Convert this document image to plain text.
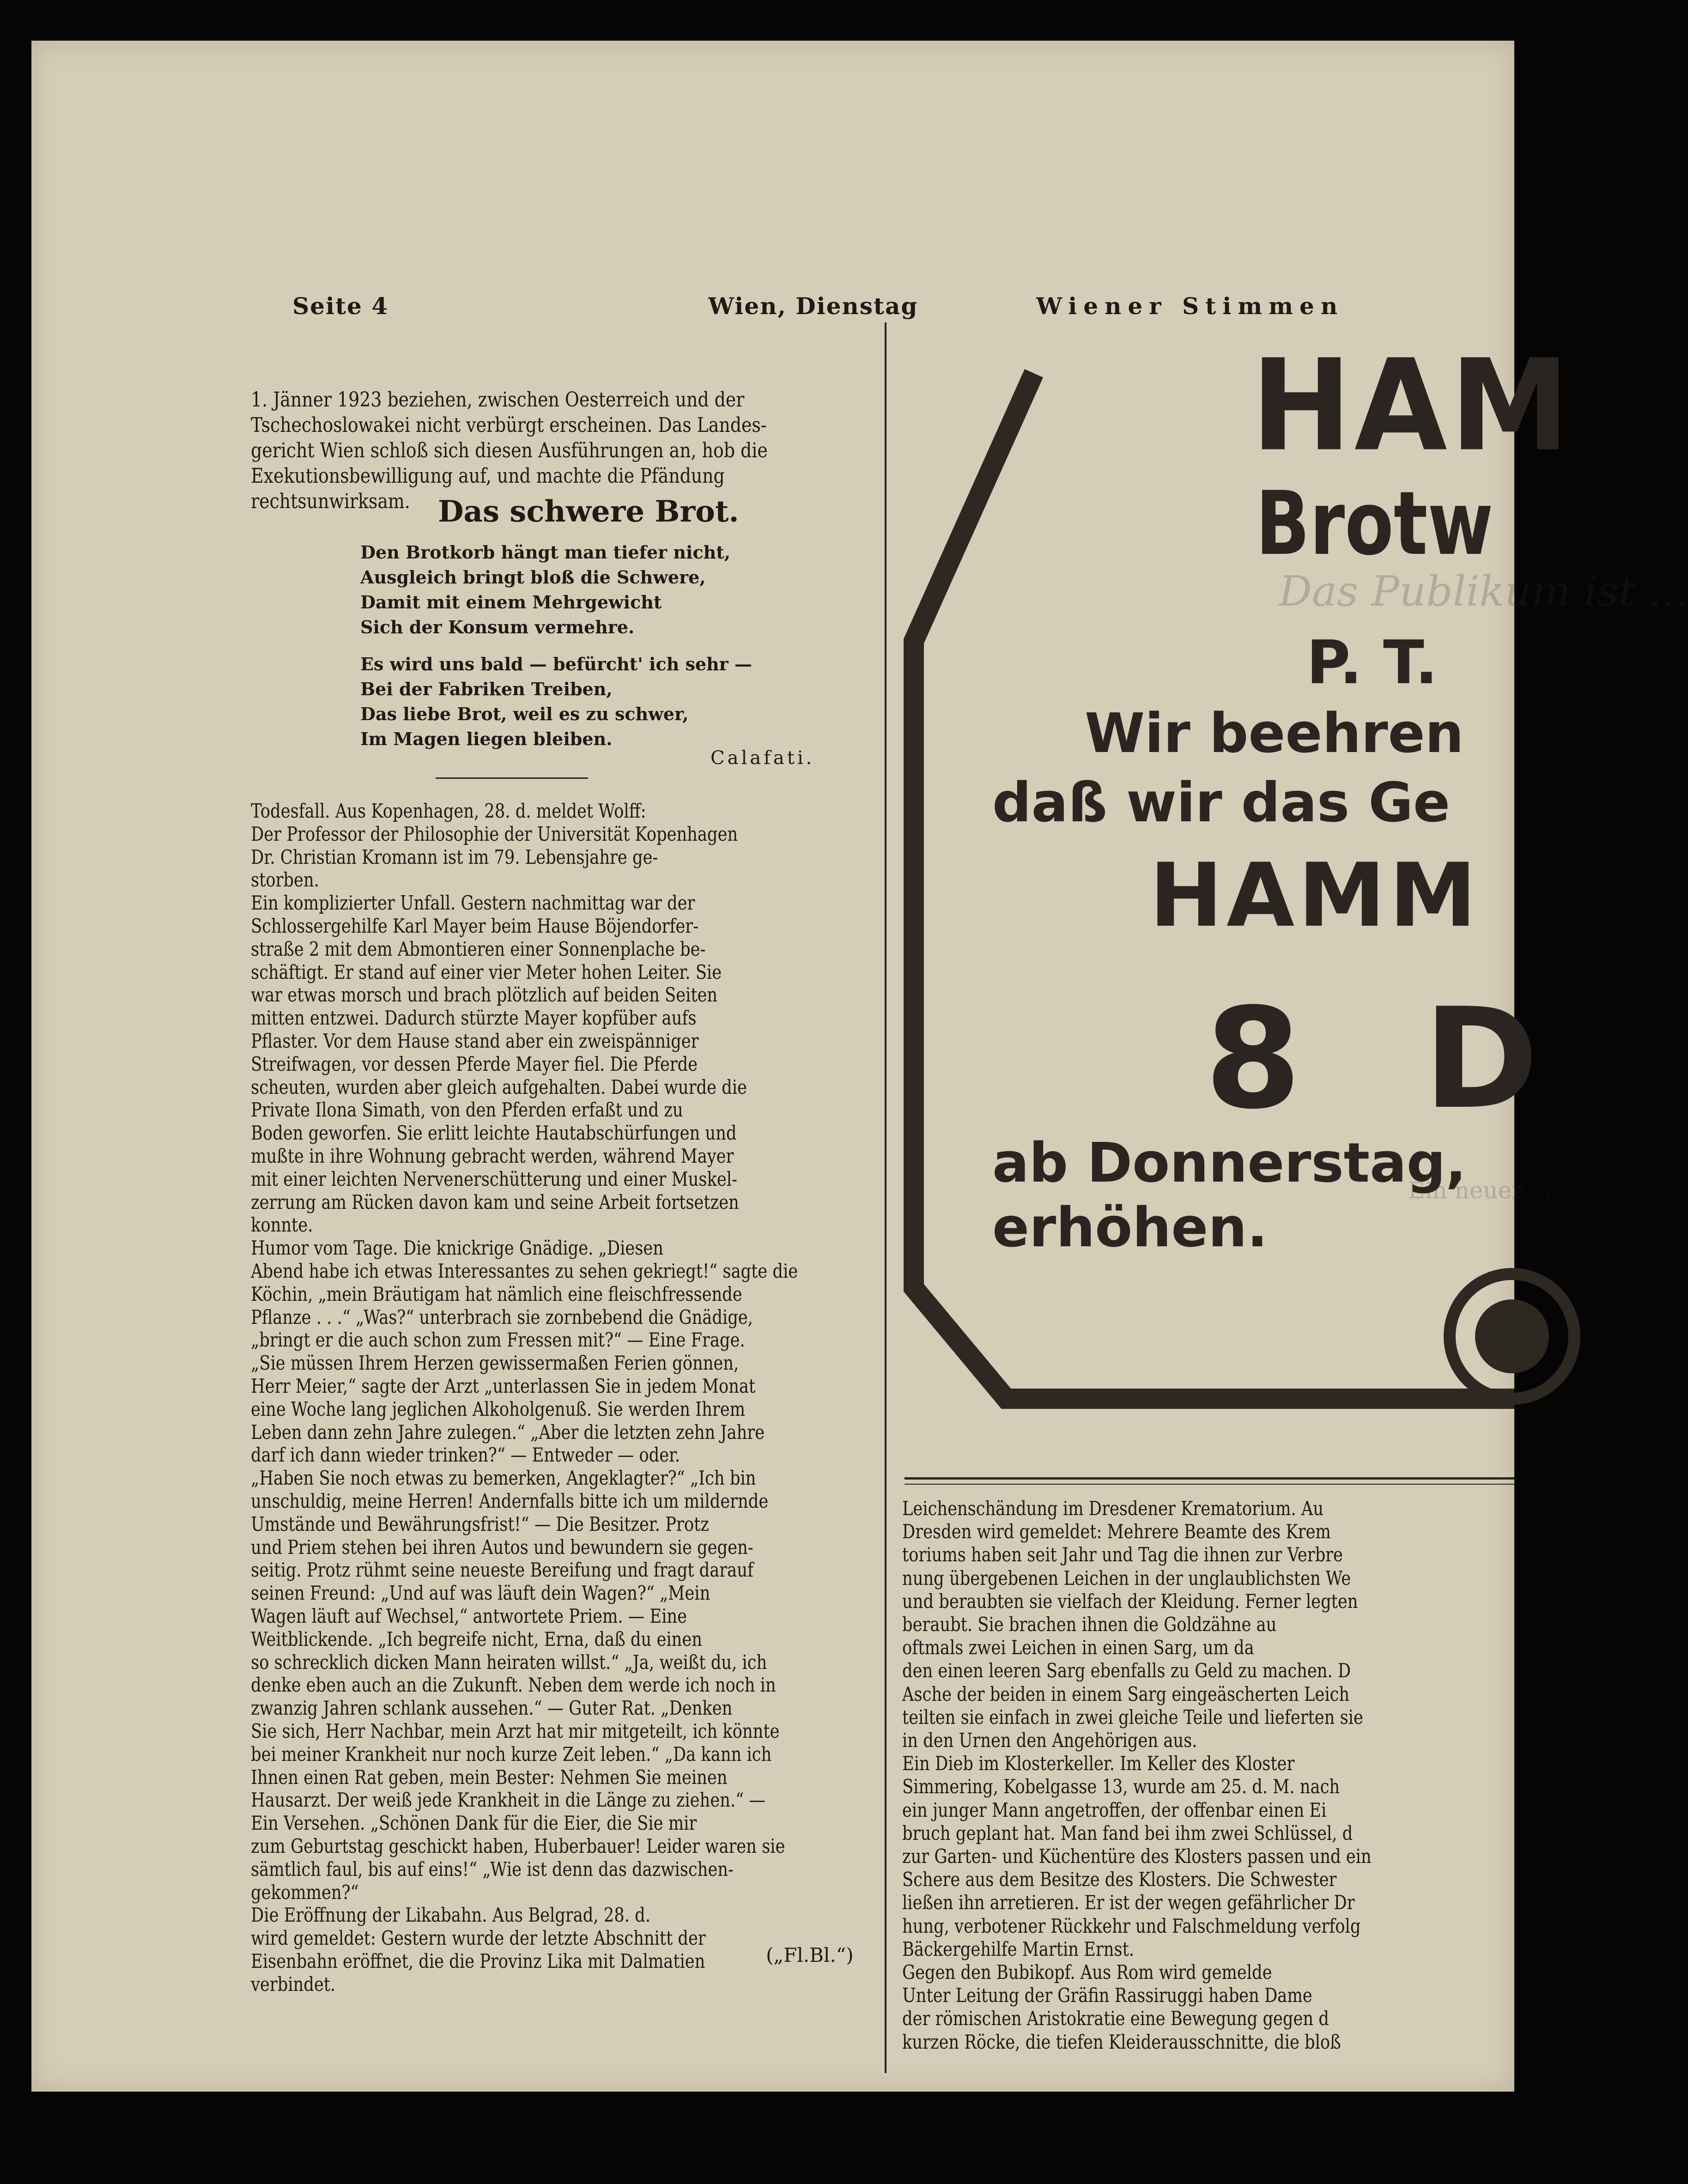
Seite 4	Wien, Dienstag	Wiener Stimmen
1. Jänner 1923 beziehen, zwischen Oesterreich und der
Tschechoslowakei nicht verbürgt erscheinen. Das Landes-
gericht Wien schloß sich diesen Ausführungen an, hob die
Exekutionsbewilligung auf, und machte die Pfändung
rechtsunwirksam. Das schwere Brot.
Calafati.
(„Fl.Bl.“)
Das Publikum ist ...
Ein neuer ...
HAM
Brotw
P. T.
Wir beehren
daß wir das Ge
HAMM
8 D
ab Donnerstag,
erhöhen.
Den Brotkorb hängt man tiefer nicht,
Ausgleich bringt bloß die Schwere,
Damit mit einem Mehrgewicht
Sich der Konsum vermehre.
Es wird uns bald — befürcht' ich sehr —
Bei der Fabriken Treiben,
Das liebe Brot, weil es zu schwer,
Im Magen liegen bleiben.
Todesfall. Aus Kopenhagen, 28. d. meldet Wolff:
Der Professor der Philosophie der Universität Kopenhagen
Dr. Christian Kromann ist im 79. Lebensjahre ge-
storben.
Ein komplizierter Unfall. Gestern nachmittag war der
Schlossergehilfe Karl Mayer beim Hause Böjendorfer-
straße 2 mit dem Abmontieren einer Sonnenplache be-
schäftigt. Er stand auf einer vier Meter hohen Leiter. Sie
war etwas morsch und brach plötzlich auf beiden Seiten
mitten entzwei. Dadurch stürzte Mayer kopfüber aufs
Pflaster. Vor dem Hause stand aber ein zweispänniger
Streifwagen, vor dessen Pferde Mayer fiel. Die Pferde
scheuten, wurden aber gleich aufgehalten. Dabei wurde die
Private Ilona Simath, von den Pferden erfaßt und zu
Boden geworfen. Sie erlitt leichte Hautabschürfungen und
mußte in ihre Wohnung gebracht werden, während Mayer
mit einer leichten Nervenerschütterung und einer Muskel-
zerrung am Rücken davon kam und seine Arbeit fortsetzen
konnte.
Humor vom Tage. Die knickrige Gnädige. „Diesen
Abend habe ich etwas Interessantes zu sehen gekriegt!“ sagte die
Köchin, „mein Bräutigam hat nämlich eine fleischfressende
Pflanze . . .“ „Was?“ unterbrach sie zornbebend die Gnädige,
„bringt er die auch schon zum Fressen mit?“ — Eine Frage.
„Sie müssen Ihrem Herzen gewissermaßen Ferien gönnen,
Herr Meier,“ sagte der Arzt „unterlassen Sie in jedem Monat
eine Woche lang jeglichen Alkoholgenuß. Sie werden Ihrem
Leben dann zehn Jahre zulegen.“ „Aber die letzten zehn Jahre
darf ich dann wieder trinken?“ — Entweder — oder.
„Haben Sie noch etwas zu bemerken, Angeklagter?“ „Ich bin
unschuldig, meine Herren! Andernfalls bitte ich um mildernde
Umstände und Bewährungsfrist!“ — Die Besitzer. Protz
und Priem stehen bei ihren Autos und bewundern sie gegen-
seitig. Protz rühmt seine neueste Bereifung und fragt darauf
seinen Freund: „Und auf was läuft dein Wagen?“ „Mein
Wagen läuft auf Wechsel,“ antwortete Priem. — Eine
Weitblickende. „Ich begreife nicht, Erna, daß du einen
so schrecklich dicken Mann heiraten willst.“ „Ja, weißt du, ich
denke eben auch an die Zukunft. Neben dem werde ich noch in
zwanzig Jahren schlank aussehen.“ — Guter Rat. „Denken
Sie sich, Herr Nachbar, mein Arzt hat mir mitgeteilt, ich könnte
bei meiner Krankheit nur noch kurze Zeit leben.“ „Da kann ich
Ihnen einen Rat geben, mein Bester: Nehmen Sie meinen
Hausarzt. Der weiß jede Krankheit in die Länge zu ziehen.“ —
Ein Versehen. „Schönen Dank für die Eier, die Sie mir
zum Geburtstag geschickt haben, Huberbauer! Leider waren sie
sämtlich faul, bis auf eins!“ „Wie ist denn das dazwischen-
gekommen?“
Die Eröffnung der Likabahn. Aus Belgrad, 28. d.
wird gemeldet: Gestern wurde der letzte Abschnitt der
Eisenbahn eröffnet, die die Provinz Lika mit Dalmatien
verbindet.
Leichenschändung im Dresdener Krematorium. Au
Dresden wird gemeldet: Mehrere Beamte des Krem
toriums haben seit Jahr und Tag die ihnen zur Verbre
nung übergebenen Leichen in der unglaublichsten We
und beraubten sie vielfach der Kleidung. Ferner legten
beraubt. Sie brachen ihnen die Goldzähne au
oftmals zwei Leichen in einen Sarg, um da
den einen leeren Sarg ebenfalls zu Geld zu machen. D
Asche der beiden in einem Sarg eingeäscherten Leich
teilten sie einfach in zwei gleiche Teile und lieferten sie
in den Urnen den Angehörigen aus.
Ein Dieb im Klosterkeller. Im Keller des Kloster
Simmering, Kobelgasse 13, wurde am 25. d. M. nach
ein junger Mann angetroffen, der offenbar einen Ei
bruch geplant hat. Man fand bei ihm zwei Schlüssel, d
zur Garten- und Küchentüre des Klosters passen und ein
Schere aus dem Besitze des Klosters. Die Schwester
ließen ihn arretieren. Er ist der wegen gefährlicher Dr
hung, verbotener Rückkehr und Falschmeldung verfolg
Bäckergehilfe Martin Ernst.
Gegen den Bubikopf. Aus Rom wird gemelde
Unter Leitung der Gräfin Rassiruggi haben Dame
der römischen Aristokratie eine Bewegung gegen d
kurzen Röcke, die tiefen Kleiderausschnitte, die bloß
